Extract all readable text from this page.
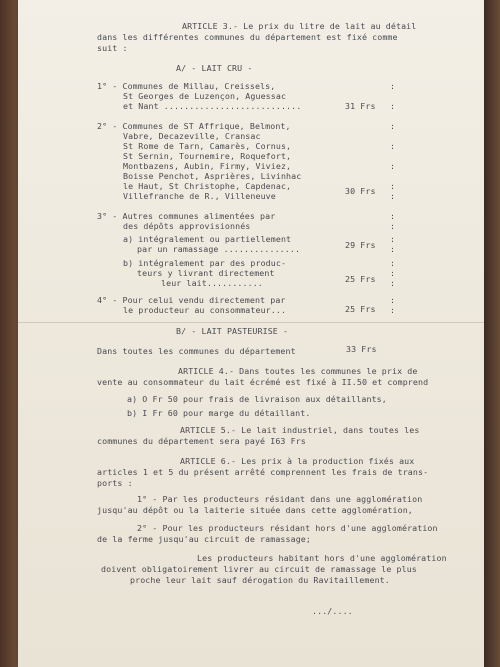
ARTICLE 3.- Le prix du litre de lait au détail
dans les différentes communes du département est fixé comme
suit :
A/ - LAIT CRU -
1° - Communes de Millau, Creissels,
St Georges de Luzençon, Aguessac
et Nant ...........................	31 Frs
2° - Communes de ST Affrique, Belmont,
Vabre, Decazeville, Cransac
St Rome de Tarn, Camarès, Cornus,
St Sernin, Tournemire, Roquefort,
Montbazens, Aubin, Firmy, Viviez,
Boisse Penchot, Asprières, Livinhac
le Haut, St Christophe, Capdenac,
Villefranche de R., Villeneuve	30 Frs
3° - Autres communes alimentées par
des dépôts approvisionnés
a) intégralement ou partiellement
par un ramassage ...............	29 Frs
b) intégralement par des produc-
teurs y livrant directement
leur lait...........	25 Frs
4° - Pour celui vendu directement par
le producteur au consommateur...	25 Frs
:
:
:
:
:
:
:
:
:
:
:
:
:
:
:
:
B/ - LAIT PASTEURISE -
Dans toutes les communes du département	33 Frs
ARTICLE 4.- Dans toutes les communes le prix de
vente au consommateur du lait écrémé est fixé à II.50 et comprend
a) O Fr 50 pour frais de livraison aux détaillants,
b) I Fr 60 pour marge du détaillant.
ARTICLE 5.- Le lait industriel, dans toutes les
communes du département sera payé I63 Frs
ARTICLE 6.- Les prix à la production fixés aux
articles 1 et 5 du présent arrêté comprennent les frais de trans-
ports :
1° - Par les producteurs résidant dans une agglomération
jusqu'au dépôt ou la laiterie située dans cette agglomération,
2° - Pour les producteurs résidant hors d'une agglomération
de la ferme jusqu'au circuit de ramassage;
Les producteurs habitant hors d'une agglomération
doivent obligatoirement livrer au circuit de ramassage le plus
proche leur lait sauf dérogation du Ravitaillement.
.../....
